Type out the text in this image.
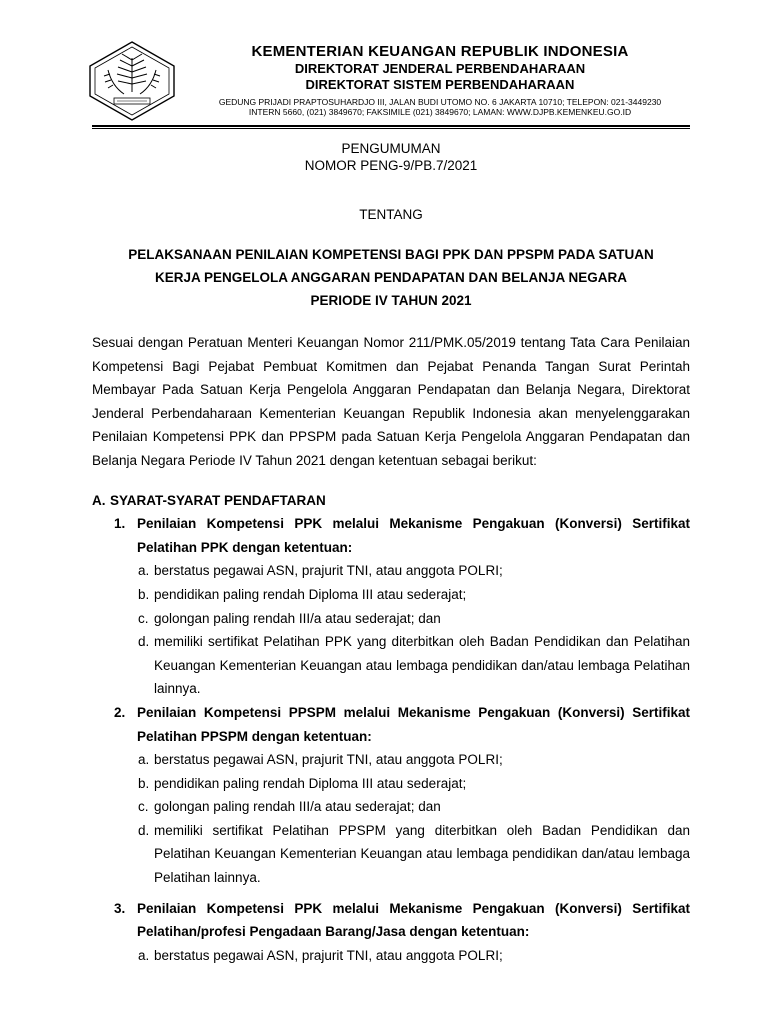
KEMENTERIAN KEUANGAN REPUBLIK INDONESIA
DIREKTORAT JENDERAL PERBENDAHARAAN
DIREKTORAT SISTEM PERBENDAHARAAN
GEDUNG PRIJADI PRAPTOSUHARDJO III, JALAN BUDI UTOMO NO. 6 JAKARTA 10710; TELEPON: 021-3449230
INTERN 5660, (021) 3849670; FAKSIMILE (021) 3849670; LAMAN: WWW.DJPB.KEMENKEU.GO.ID
PENGUMUMAN
NOMOR PENG-9/PB.7/2021
TENTANG
PELAKSANAAN PENILAIAN KOMPETENSI BAGI PPK DAN PPSPM PADA SATUAN
KERJA PENGELOLA ANGGARAN PENDAPATAN DAN BELANJA NEGARA
PERIODE IV TAHUN 2021
Sesuai dengan Peratuan Menteri Keuangan Nomor 211/PMK.05/2019 tentang Tata Cara Penilaian Kompetensi Bagi Pejabat Pembuat Komitmen dan Pejabat Penanda Tangan Surat Perintah Membayar Pada Satuan Kerja Pengelola Anggaran Pendapatan dan Belanja Negara, Direktorat Jenderal Perbendaharaan Kementerian Keuangan Republik Indonesia akan menyelenggarakan Penilaian Kompetensi PPK dan PPSPM pada Satuan Kerja Pengelola Anggaran Pendapatan dan Belanja Negara Periode IV Tahun 2021 dengan ketentuan sebagai berikut:
A. SYARAT-SYARAT PENDAFTARAN
1. Penilaian Kompetensi PPK melalui Mekanisme Pengakuan (Konversi) Sertifikat Pelatihan PPK dengan ketentuan:
a. berstatus pegawai ASN, prajurit TNI, atau anggota POLRI;
b. pendidikan paling rendah Diploma III atau sederajat;
c. golongan paling rendah III/a atau sederajat; dan
d. memiliki sertifikat Pelatihan PPK yang diterbitkan oleh Badan Pendidikan dan Pelatihan Keuangan Kementerian Keuangan atau lembaga pendidikan dan/atau lembaga Pelatihan lainnya.
2. Penilaian Kompetensi PPSPM melalui Mekanisme Pengakuan (Konversi) Sertifikat Pelatihan PPSPM dengan ketentuan:
a. berstatus pegawai ASN, prajurit TNI, atau anggota POLRI;
b. pendidikan paling rendah Diploma III atau sederajat;
c. golongan paling rendah III/a atau sederajat; dan
d. memiliki sertifikat Pelatihan PPSPM yang diterbitkan oleh Badan Pendidikan dan Pelatihan Keuangan Kementerian Keuangan atau lembaga pendidikan dan/atau lembaga Pelatihan lainnya.
3. Penilaian Kompetensi PPK melalui Mekanisme Pengakuan (Konversi) Sertifikat Pelatihan/profesi Pengadaan Barang/Jasa dengan ketentuan:
a. berstatus pegawai ASN, prajurit TNI, atau anggota POLRI;
